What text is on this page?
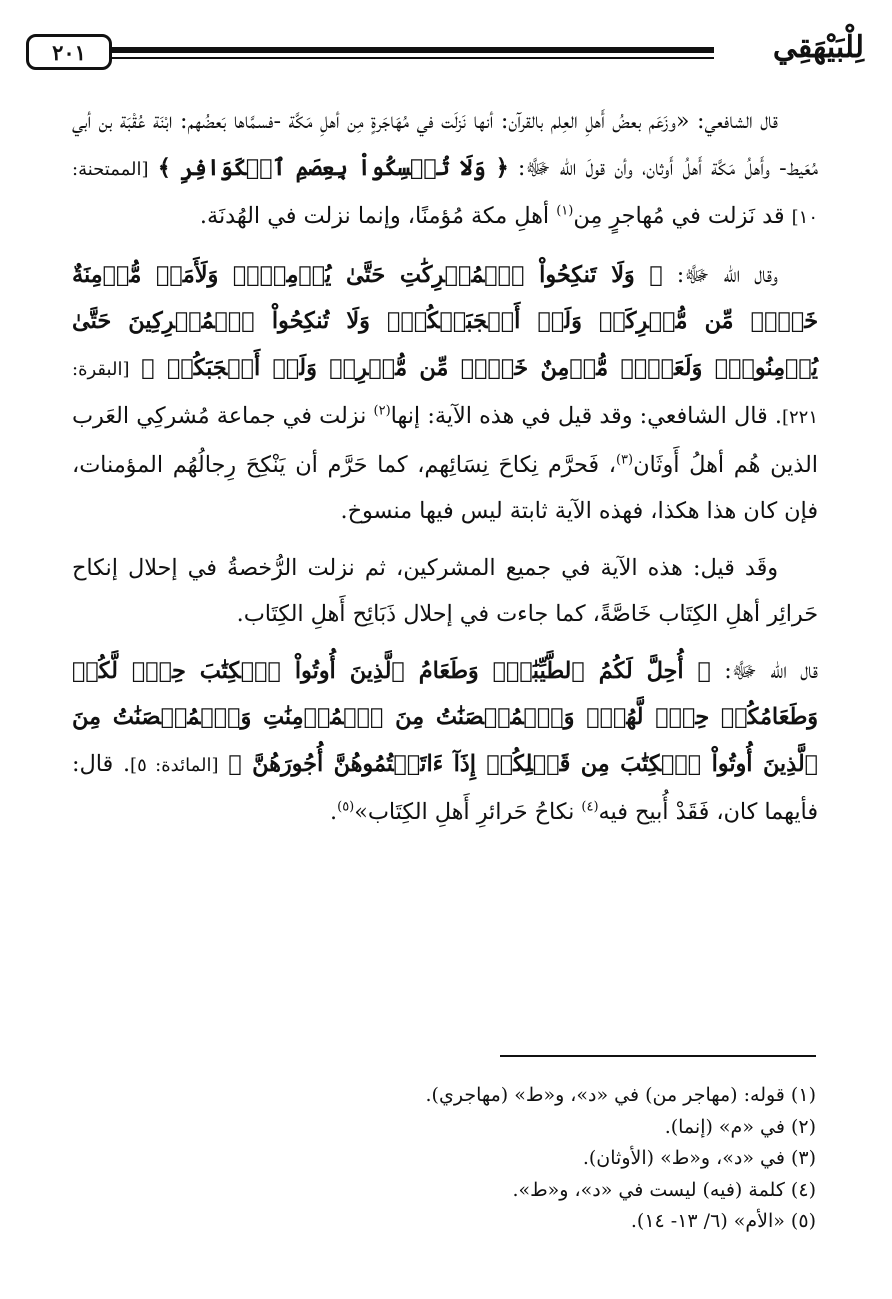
٢٠١	لِلْبَيْهَقِي

قال الشافعي: «وزَعَم بعضُ أَهلِ العِلم بالقرآن: أنها نَزلَت في مُهَاجَرةٍ مِن أهلِ مَكَّة -فسمَّاها بَعضُهم: ابْنَة عُقْبَة بن أبي مُعَيط- وأَهلُ مَكَّة أَهلُ أَوثان، وأن قولَ الله ﷻ: ﴿ وَلَا تُمۡسِكُواْ بِعِصَمِ ٱلۡكَوَافِرِ ﴾ [الممتحنة: ١٠] قد نَزلت في مُهاجرٍ مِن$^{(١)}$ أهلِ مكة مُؤمنًا، وإنما نزلت في الهُدنَة.

وقال الله ﷻ: ﴿ وَلَا تَنكِحُواْ ٱلۡمُشۡرِكَٰتِ حَتَّىٰ يُؤۡمِنَّۚ وَلَأَمَةٞ مُّؤۡمِنَةٌ خَيۡرٞ مِّن مُّشۡرِكَةٖ وَلَوۡ أَعۡجَبَتۡكُمۡۗ وَلَا تُنكِحُواْ ٱلۡمُشۡرِكِينَ حَتَّىٰ يُؤۡمِنُواْۚ وَلَعَبۡدٞ مُّؤۡمِنٌ خَيۡرٞ مِّن مُّشۡرِكٖ وَلَوۡ أَعۡجَبَكُمۡ ﴾ [البقرة: ٢٢١]. قال الشافعي: وقد قيل في هذه الآية: إنها$^{(٢)}$ نزلت في جماعة مُشركِي العَرب الذين هُم أهلُ أَوثَان$^{(٣)}$، فَحرَّم نِكاحَ نِسَائِهم، كما حَرَّم أن يَنْكِحَ رِجالُهُم المؤمنات، فإن كان هذا هكذا، فهذه الآية ثابتة ليس فيها منسوخ.

وقَد قيل: هذه الآية في جميع المشركين، ثم نزلت الرُّخصةُ في إحلال إنكاح حَرائِر أهلِ الكِتَاب خَاصَّةً، كما جاءت في إحلال ذَبَائِح أَهلِ الكِتَاب.

قال الله ﷻ: ﴿ أُحِلَّ لَكُمُ ٱلطَّيِّبَٰتُۖ وَطَعَامُ ٱلَّذِينَ أُوتُواْ ٱلۡكِتَٰبَ حِلّٞ لَّكُمۡ وَطَعَامُكُمۡ حِلّٞ لَّهُمۡۖ وَٱلۡمُحۡصَنَٰتُ مِنَ ٱلۡمُؤۡمِنَٰتِ وَٱلۡمُحۡصَنَٰتُ مِنَ ٱلَّذِينَ أُوتُواْ ٱلۡكِتَٰبَ مِن قَبۡلِكُمۡ إِذَآ ءَاتَيۡتُمُوهُنَّ أُجُورَهُنَّ ﴾ [المائدة: ٥]. قال: فأيهما كان، فَقَدْ أُبيح فيه$^{(٤)}$ نكاحُ حَرائرِ أَهلِ الكِتَاب»$^{(٥)}$.

(١) قوله: (مهاجر من) في «د»، و«ط» (مهاجري).
(٢) في «م» (إنما).
(٣) في «د»، و«ط» (الأوثان).
(٤) كلمة (فيه) ليست في «د»، و«ط».
(٥) «الأم» (٦/ ١٣- ١٤).
